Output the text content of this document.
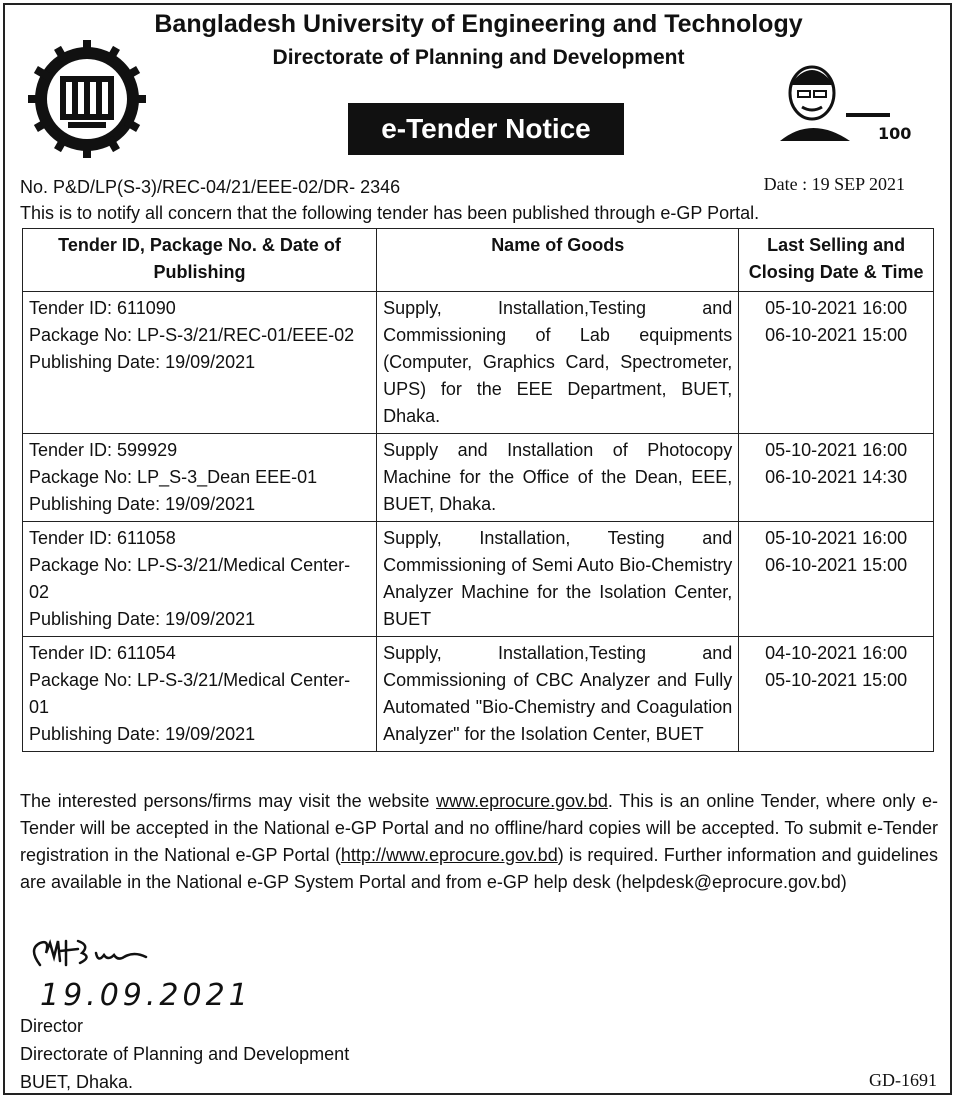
Bangladesh University of Engineering and Technology
Directorate of Planning and Development
100
e-Tender Notice
No. P&D/LP(S-3)/REC-04/21/EEE-02/DR- 2346	Date : 19 SEP 2021
This is to notify all concern that the following tender has been published through e-GP Portal.
Tender ID, Package No. & Date of Publishing	Name of Goods	Last Selling and Closing Date & Time

Tender ID: 611090
Package No: LP-S-3/21/REC-01/EEE-02
Publishing Date: 19/09/2021	Supply, Installation,Testing and Commissioning of Lab equipments (Computer, Graphics Card, Spectrometer, UPS) for the EEE Department, BUET, Dhaka.	05-10-2021 16:00
06-10-2021 15:00

Tender ID: 599929
Package No: LP_S-3_Dean EEE-01
Publishing Date: 19/09/2021	Supply and Installation of Photocopy Machine for the Office of the Dean, EEE, BUET, Dhaka.	05-10-2021 16:00
06-10-2021 14:30

Tender ID: 611058
Package No: LP-S-3/21/Medical Center-02
Publishing Date: 19/09/2021	Supply, Installation, Testing and Commissioning of Semi Auto Bio-Chemistry Analyzer Machine for the Isolation Center, BUET	05-10-2021 16:00
06-10-2021 15:00

Tender ID: 611054
Package No: LP-S-3/21/Medical Center-01
Publishing Date: 19/09/2021	Supply, Installation,Testing and Commissioning of CBC Analyzer and Fully Automated "Bio-Chemistry and Coagulation Analyzer" for the Isolation Center, BUET	04-10-2021 16:00
05-10-2021 15:00
The interested persons/firms may visit the website www.eprocure.gov.bd. This is an online Tender, where only e-Tender will be accepted in the National e-GP Portal and no offline/hard copies will be accepted. To submit e-Tender registration in the National e-GP Portal (http://www.eprocure.gov.bd) is required. Further information and guidelines are available in the National e-GP System Portal and from e-GP help desk (helpdesk@eprocure.gov.bd)
19.09.2021
Director
Directorate of Planning and Development
BUET, Dhaka.	GD-1691
